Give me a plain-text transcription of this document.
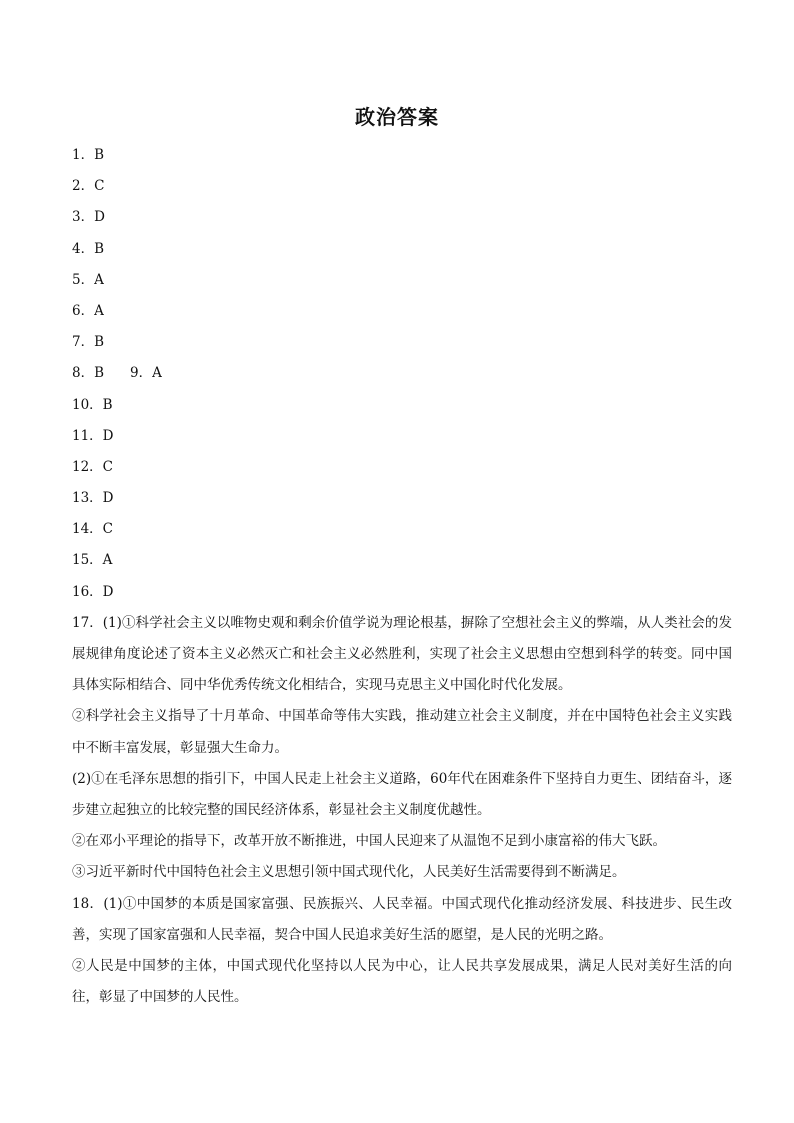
政治答案
1．B
2．C
3．D
4．B
5．A
6．A
7．B
8．B 9．A
10．B
11．D
12．C
13．D
14．C
15．A
16．D
17．(1)①科学社会主义以唯物史观和剩余价值学说为理论根基，摒除了空想社会主义的弊端，从人类社会的发展规律角度论述了资本主义必然灭亡和社会主义必然胜利，实现了社会主义思想由空想到科学的转变。同中国具体实际相结合、同中华优秀传统文化相结合，实现马克思主义中国化时代化发展。
②科学社会主义指导了十月革命、中国革命等伟大实践，推动建立社会主义制度，并在中国特色社会主义实践中不断丰富发展，彰显强大生命力。
(2)①在毛泽东思想的指引下，中国人民走上社会主义道路，60年代在困难条件下坚持自力更生、团结奋斗，逐步建立起独立的比较完整的国民经济体系，彰显社会主义制度优越性。
②在邓小平理论的指导下，改革开放不断推进，中国人民迎来了从温饱不足到小康富裕的伟大飞跃。
③习近平新时代中国特色社会主义思想引领中国式现代化，人民美好生活需要得到不断满足。
18．(1)①中国梦的本质是国家富强、民族振兴、人民幸福。中国式现代化推动经济发展、科技进步、民生改善，实现了国家富强和人民幸福，契合中国人民追求美好生活的愿望，是人民的光明之路。
②人民是中国梦的主体，中国式现代化坚持以人民为中心，让人民共享发展成果，满足人民对美好生活的向往，彰显了中国梦的人民性。
